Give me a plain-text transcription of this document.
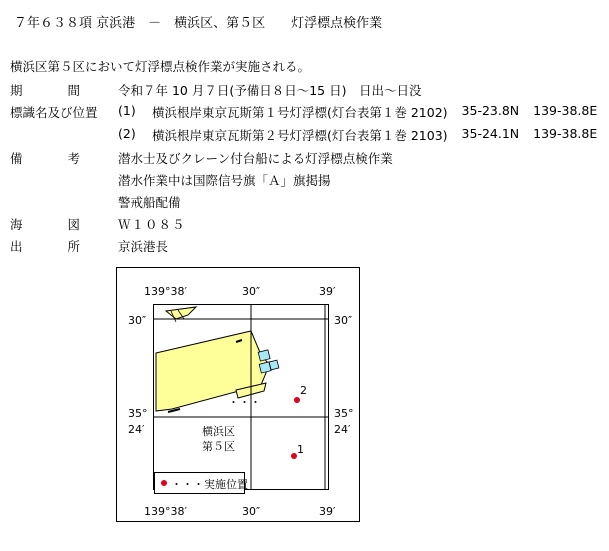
７年６３８項 京浜港　－　横浜区、第５区　　灯浮標点検作業
横浜区第５区において灯浮標点検作業が実施される。
期	間	令和７年 10 月７日(予備日８日～15 日)　日出～日没
標識名及び位置 (1)	横浜根岸東京瓦斯第１号灯浮標(灯台表第１巻 2102) 35-23.8N 139-38.8E
(2)	横浜根岸東京瓦斯第２号灯浮標(灯台表第１巻 2103) 35-24.1N 139-38.8E
備	考	潜水士及びクレーン付台船による灯浮標点検作業
潜水作業中は国際信号旗「Ａ」旗掲揚
警戒船配備
海	図	Ｗ１０８５
出	所	京浜港長
・・・
139°38′	30″	39′
139°38′	30″	39′
30″
35°
24′
30″
35°
24′
横浜区
第５区
2
1
・・・実施位置
